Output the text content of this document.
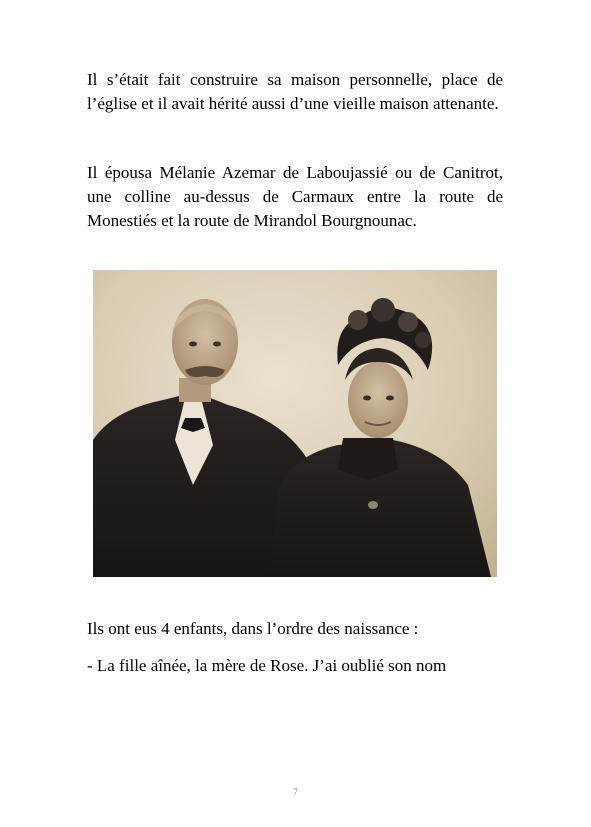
Il s’était fait construire sa maison personnelle, place de l’église et il avait hérité aussi d’une vieille maison attenante.

Il épousa Mélanie Azemar de Laboujassié ou de Canitrot, une colline au-dessus de Carmaux entre la route de Monestiés et la route de Mirandol Bourgnounac.

Ils ont eus 4 enfants, dans l’ordre des naissance :

- La fille aînée, la mère de Rose. J’ai oublié son nom

7
